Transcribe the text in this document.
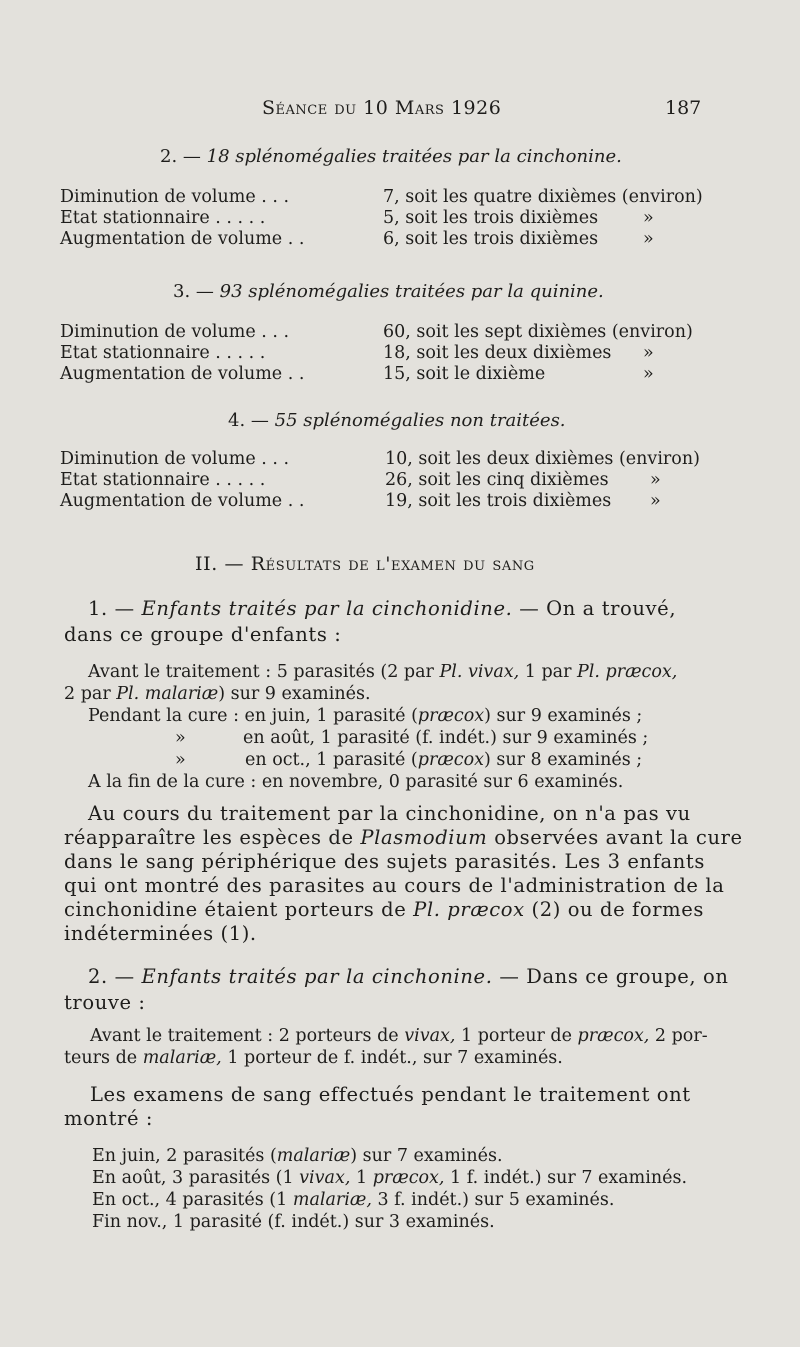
Séance du 10 Mars 1926	187
2. — 18 splénomégalies traitées par la cinchonine.
Diminution de volume . . .	7, soit les quatre dixièmes (environ)
Etat stationnaire . . . . .	5, soit les trois dixièmes	»
Augmentation de volume . .	6, soit les trois dixièmes	»
3. — 93 splénomégalies traitées par la quinine.
Diminution de volume . . .	60, soit les sept dixièmes (environ)
Etat stationnaire . . . . .	18, soit les deux dixièmes »
Augmentation de volume . .	15, soit le dixième	»
4. — 55 splénomégalies non traitées.
Diminution de volume . . .	10, soit les deux dixièmes (environ)
Etat stationnaire . . . . .	26, soit les cinq dixièmes »
Augmentation de volume . .	19, soit les trois dixièmes »
II. — Résultats de l'examen du sang
1. — Enfants traités par la cinchonidine. — On a trouvé,
dans ce groupe d'enfants :
Avant le traitement : 5 parasités (2 par Pl. vivax, 1 par Pl. præcox,
2 par Pl. malariæ) sur 9 examinés.
Pendant la cure : en juin, 1 parasité (præcox) sur 9 examinés ;
»	en août, 1 parasité (f. indét.) sur 9 examinés ;
»	en oct., 1 parasité (præcox) sur 8 examinés ;
A la fin de la cure : en novembre, 0 parasité sur 6 examinés.
Au cours du traitement par la cinchonidine, on n'a pas vu
réapparaître les espèces de Plasmodium observées avant la cure
dans le sang périphérique des sujets parasités. Les 3 enfants
qui ont montré des parasites au cours de l'administration de la
cinchonidine étaient porteurs de Pl. præcox (2) ou de formes
indéterminées (1).
2. — Enfants traités par la cinchonine. — Dans ce groupe, on
trouve :
Avant le traitement : 2 porteurs de vivax, 1 porteur de præcox, 2 por-
teurs de malariæ, 1 porteur de f. indét., sur 7 examinés.
Les examens de sang effectués pendant le traitement ont
montré :
En juin, 2 parasités (malariæ) sur 7 examinés.
En août, 3 parasités (1 vivax, 1 præcox, 1 f. indét.) sur 7 examinés.
En oct., 4 parasités (1 malariæ, 3 f. indét.) sur 5 examinés.
Fin nov., 1 parasité (f. indét.) sur 3 examinés.
